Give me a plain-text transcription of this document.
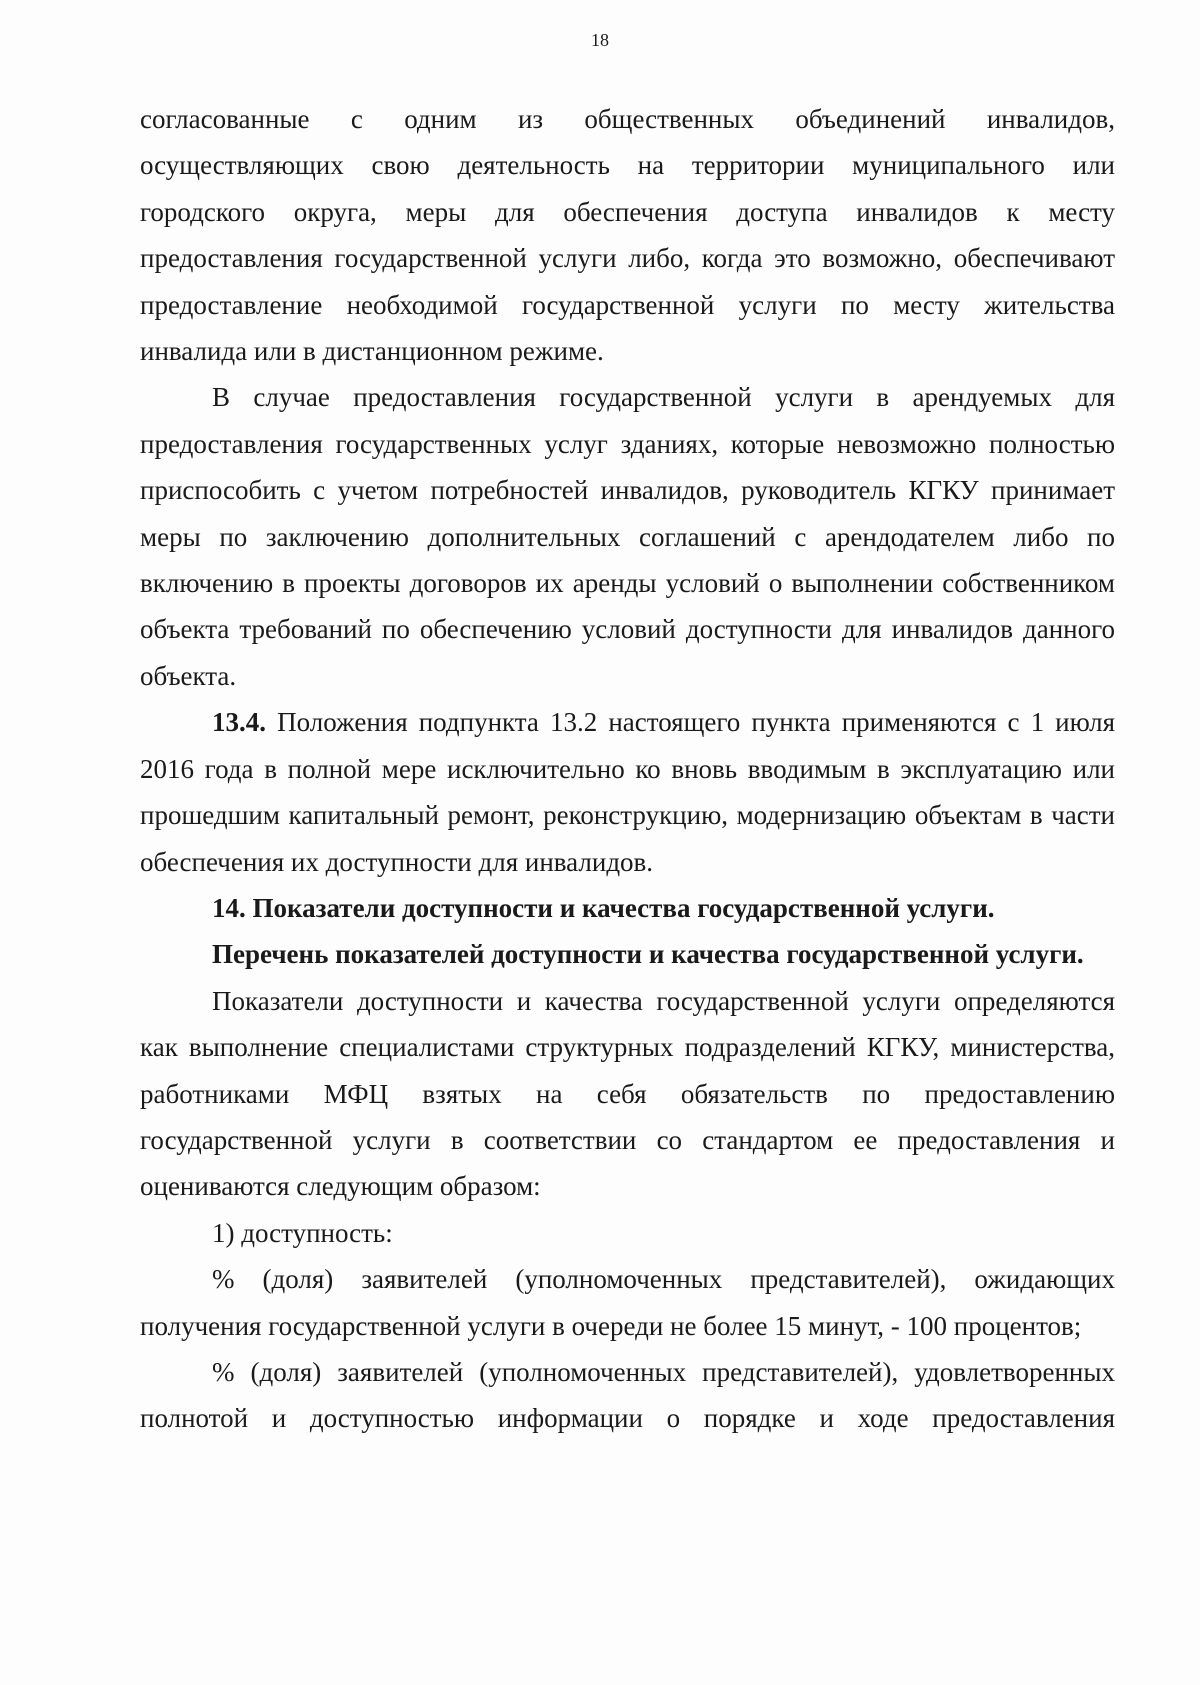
18

согласованные с одним из общественных объединений инвалидов, осуществляющих свою деятельность на территории муниципального или городского округа, меры для обеспечения доступа инвалидов к месту предоставления государственной услуги либо, когда это возможно, обеспечивают предоставление необходимой государственной услуги по месту жительства инвалида или в дистанционном режиме.

В случае предоставления государственной услуги в арендуемых для предоставления государственных услуг зданиях, которые невозможно полностью приспособить с учетом потребностей инвалидов, руководитель КГКУ принимает меры по заключению дополнительных соглашений с арендодателем либо по включению в проекты договоров их аренды условий о выполнении собственником объекта требований по обеспечению условий доступности для инвалидов данного объекта.

13.4. Положения подпункта 13.2 настоящего пункта применяются с 1 июля 2016 года в полной мере исключительно ко вновь вводимым в эксплуатацию или прошедшим капитальный ремонт, реконструкцию, модернизацию объектам в части обеспечения их доступности для инвалидов.

14. Показатели доступности и качества государственной услуги.

Перечень показателей доступности и качества государственной услуги.

Показатели доступности и качества государственной услуги определяются как выполнение специалистами структурных подразделений КГКУ, министерства, работниками МФЦ взятых на себя обязательств по предоставлению государственной услуги в соответствии со стандартом ее предоставления и оцениваются следующим образом:

1) доступность:

% (доля) заявителей (уполномоченных представителей), ожидающих получения государственной услуги в очереди не более 15 минут, - 100 процентов;

% (доля) заявителей (уполномоченных представителей), удовлетворенных полнотой и доступностью информации о порядке и ходе предоставления
